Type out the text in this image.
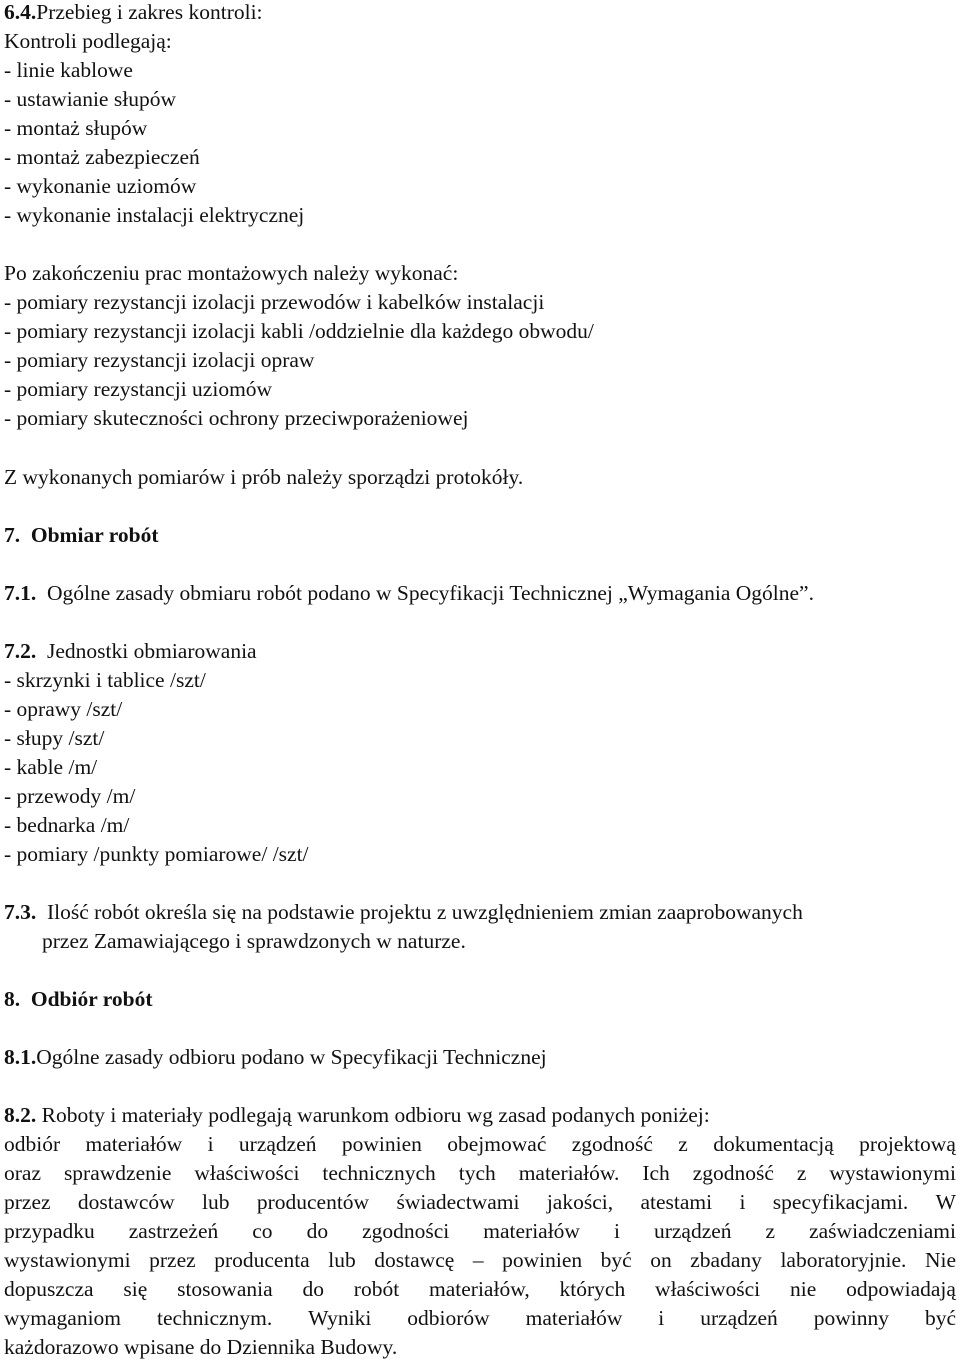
6.4.Przebieg i zakres kontroli:
Kontroli podlegają:
- linie kablowe
- ustawianie słupów
- montaż słupów
- montaż zabezpieczeń
- wykonanie uziomów
- wykonanie instalacji elektrycznej
Po zakończeniu prac montażowych należy wykonać:
- pomiary rezystancji izolacji przewodów i kabelków instalacji
- pomiary rezystancji izolacji kabli /oddzielnie dla każdego obwodu/
- pomiary rezystancji izolacji opraw
- pomiary rezystancji uziomów
- pomiary skuteczności ochrony przeciwporażeniowej
Z wykonanych pomiarów i prób należy sporządzi protokóły.
7. Obmiar robót
7.1. Ogólne zasady obmiaru robót podano w Specyfikacji Technicznej „Wymagania Ogólne”.
7.2. Jednostki obmiarowania
- skrzynki i tablice /szt/
- oprawy /szt/
- słupy /szt/
- kable /m/
- przewody /m/
- bednarka /m/
- pomiary /punkty pomiarowe/ /szt/
7.3. Ilość robót określa się na podstawie projektu z uwzględnieniem zmian zaaprobowanych
przez Zamawiającego i sprawdzonych w naturze.
8. Odbiór robót
8.1.Ogólne zasady odbioru podano w Specyfikacji Technicznej
8.2. Roboty i materiały podlegają warunkom odbioru wg zasad podanych poniżej:
odbiór materiałów i urządzeń powinien obejmować zgodność z dokumentacją projektową
oraz sprawdzenie właściwości technicznych tych materiałów. Ich zgodność z wystawionymi
przez dostawców lub producentów świadectwami jakości, atestami i specyfikacjami. W
przypadku zastrzeżeń co do zgodności materiałów i urządzeń z zaświadczeniami
wystawionymi przez producenta lub dostawcę – powinien być on zbadany laboratoryjnie. Nie
dopuszcza się stosowania do robót materiałów, których właściwości nie odpowiadają
wymaganiom technicznym. Wyniki odbiorów materiałów i urządzeń powinny być
każdorazowo wpisane do Dziennika Budowy.
